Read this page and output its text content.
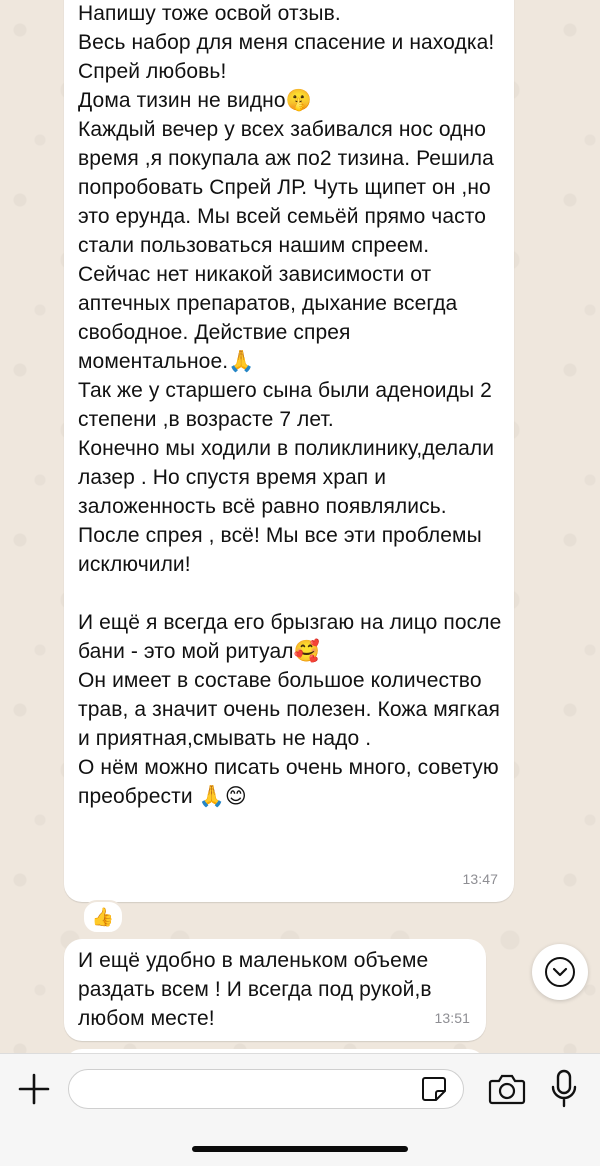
Напишу тоже освой отзыв.
Весь набор для меня спасение и находка!
Спрей любовь!
Дома тизин не видно🤫
Каждый вечер у всех забивался нос одно время ,я покупала аж по2 тизина. Решила попробовать Спрей ЛР. Чуть щипет он ,но это ерунда. Мы всей семьёй прямо часто стали пользоваться нашим спреем. Сейчас нет никакой зависимости от аптечных препаратов, дыхание всегда свободное. Действие спрея моментальное.🙏
Так же у старшего сына были аденоиды 2 степени ,в возрасте 7 лет.
Конечно мы ходили в поликлинику,делали лазер . Но спустя время храп и заложенность всё равно появлялись. После спрея , всё! Мы все эти проблемы исключили!

И ещё я всегда его брызгаю на лицо после бани - это мой ритуал🥰
Он имеет в составе большое количество трав, а значит очень полезен. Кожа мягкая и приятная,смывать не надо .
О нём можно писать очень много, советую преобрести 🙏😊
13:47
👍
И ещё удобно в маленьком объеме раздать всем ! И всегда под рукой,в любом месте!	13:51
